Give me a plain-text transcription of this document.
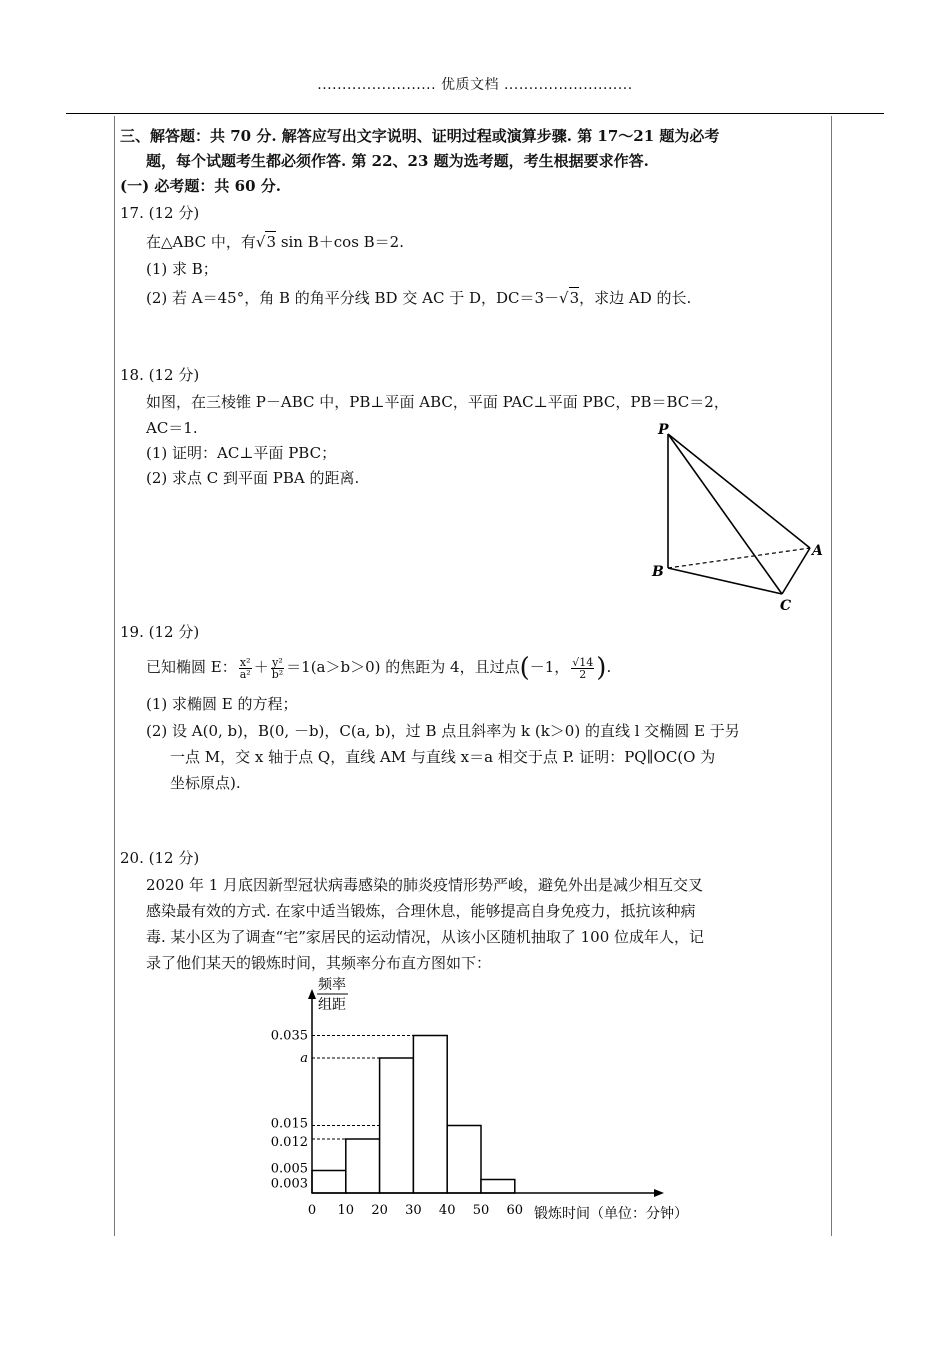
........................ 优质文档 ..........................
三、解答题：共 70 分. 解答应写出文字说明、证明过程或演算步骤. 第 17～21 题为必考
题，每个试题考生都必须作答. 第 22、23 题为选考题，考生根据要求作答.
(一) 必考题：共 60 分.
17. (12 分)
在△ABC 中，有√3 sin B＋cos B＝2.
(1) 求 B；
(2) 若 A＝45°，角 B 的角平分线 BD 交 AC 于 D，DC＝3－√3，求边 AD 的长.
18. (12 分)
如图，在三棱锥 P－ABC 中，PB⊥平面 ABC，平面 PAC⊥平面 PBC，PB＝BC＝2，
AC＝1.
(1) 证明：AC⊥平面 PBC；
(2) 求点 C 到平面 PBA 的距离.
P
A
B
C
19. (12 分)
已知椭圆 E： $\frac{\text{x²}}{\text{a²}} + \frac{\text{y²}}{\text{b²}} =1(a>b>0)$ 的焦距为 4，且过点(－1， $\frac{√14}{2}$ ).
(1) 求椭圆 E 的方程；
(2) 设 A(0, b)，B(0, －b)，C(a, b)，过 B 点且斜率为 k (k＞0) 的直线 l 交椭圆 E 于另
一点 M，交 x 轴于点 Q，直线 AM 与直线 x＝a 相交于点 P. 证明：PQ∥OC(O 为
坐标原点).
20. (12 分)
2020 年 1 月底因新型冠状病毒感染的肺炎疫情形势严峻，避免外出是减少相互交叉
感染最有效的方式. 在家中适当锻炼，合理休息，能够提高自身免疫力，抵抗该种病
毒. 某小区为了调查“宅”家居民的运动情况，从该小区随机抽取了 100 位成年人，记
录了他们某天的锻炼时间，其频率分布直方图如下：
频率
组距
0.003
0.005
0.012
0.015
a
0.035
0 10 20 30 40 50 60 锻炼时间（单位：分钟）
